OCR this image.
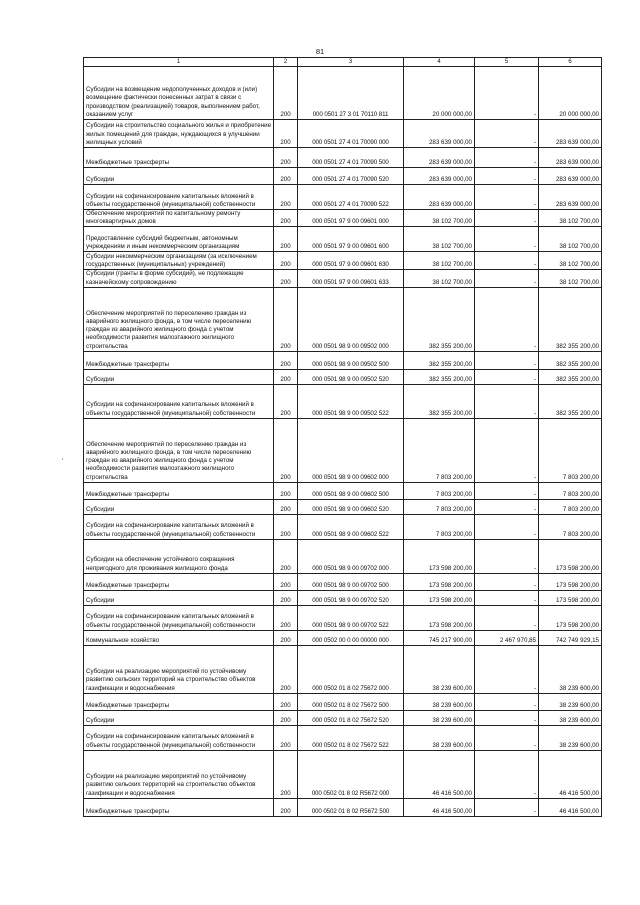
81
'
1	2	3	4	5	6
Субсидии на возмещение недополученных доходов и (или) возмещение фактически понесенных затрат в связи с производством (реализацией) товаров, выполнением работ, оказанием услуг	200	000 0501 27 3 01 70110 811	20 000 000,00	-	20 000 000,00
Субсидии на строительство социального жилья и приобретение жилых помещений для граждан, нуждающихся в улучшении жилищных условий	200	000 0501 27 4 01 70090 000	283 639 000,00	-	283 639 000,00
Межбюджетные трансферты	200	000 0501 27 4 01 70090 500	283 639 000,00	-	283 639 000,00
Субсидии	200	000 0501 27 4 01 70090 520	283 639 000,00	-	283 639 000,00
Субсидии на софинансирование капитальных вложений в объекты государственной (муниципальной) собственности	200	000 0501 27 4 01 70090 522	283 639 000,00	-	283 639 000,00
Обеспечение мероприятий по капитальному ремонту многоквартирных домов	200	000 0501 97 9 00 09601 000	38 102 700,00	-	38 102 700,00
Предоставление субсидий бюджетным, автономным учреждениям и иным некоммерческим организациям	200	000 0501 97 9 00 09601 600	38 102 700,00	-	38 102 700,00
Субсидии некоммерческим организациям (за исключением государственных (муниципальных) учреждений)	200	000 0501 97 9 00 09601 630	38 102 700,00	-	38 102 700,00
Субсидии (гранты в форме субсидий), не подлежащие казначейскому сопровождению	200	000 0501 97 9 00 09601 633	38 102 700,00	-	38 102 700,00
Обеспечение мероприятий по переселению граждан из аварийного жилищного фонда, в том числе переселению граждан из аварийного жилищного фонда с учетом необходимости развития малоэтажного жилищного строительства	200	000 0501 98 9 00 09502 000	382 355 200,00	-	382 355 200,00
Межбюджетные трансферты	200	000 0501 98 9 00 09502 500	382 355 200,00	-	382 355 200,00
Субсидии	200	000 0501 98 9 00 09502 520	382 355 200,00	-	382 355 200,00
Субсидии на софинансирование капитальных вложений в объекты государственной (муниципальной) собственности	200	000 0501 98 9 00 09502 522	382 355 200,00	-	382 355 200,00
Обеспечение мероприятий по переселению граждан из аварийного жилищного фонда, в том числе переселению граждан из аварийного жилищного фонда с учетом необходимости развития малоэтажного жилищного строительства	200	000 0501 98 9 00 09602 000	7 803 200,00	-	7 803 200,00
Межбюджетные трансферты	200	000 0501 98 9 00 09602 500	7 803 200,00	-	7 803 200,00
Субсидии	200	000 0501 98 9 00 09602 520	7 803 200,00	-	7 803 200,00
Субсидии на софинансирование капитальных вложений в объекты государственной (муниципальной) собственности	200	000 0501 98 9 00 09602 522	7 803 200,00	-	7 803 200,00
Субсидии на обеспечение устойчивого сокращения непригодного для проживания жилищного фонда	200	000 0501 98 9 00 09702 000	173 598 200,00	-	173 598 200,00
Межбюджетные трансферты	200	000 0501 98 9 00 09702 500	173 598 200,00	-	173 598 200,00
Субсидии	200	000 0501 98 9 00 09702 520	173 598 200,00	-	173 598 200,00
Субсидии на софинансирование капитальных вложений в объекты государственной (муниципальной) собственности	200	000 0501 98 9 00 09702 522	173 598 200,00	-	173 598 200,00
Коммунальное хозяйство	200	000 0502 00 0 00 00000 000	745 217 900,00	2 467 970,85	742 749 929,15
Субсидии на реализацию мероприятий по устойчивому развитию сельских территорий на строительство объектов газификации и водоснабжения	200	000 0502 01 8 02 75672 000	38 239 600,00	-	38 239 600,00
Межбюджетные трансферты	200	000 0502 01 8 02 75672 500	38 239 600,00	-	38 239 600,00
Субсидии	200	000 0502 01 8 02 75672 520	38 239 600,00	-	38 239 600,00
Субсидии на софинансирование капитальных вложений в объекты государственной (муниципальной) собственности	200	000 0502 01 8 02 75672 522	38 239 600,00	-	38 239 600,00
Субсидии на реализацию мероприятий по устойчивому развитию сельских территорий на строительство объектов газификации и водоснабжения	200	000 0502 01 8 02 R5672 000	46 416 500,00	-	46 416 500,00
Межбюджетные трансферты	200	000 0502 01 8 02 R5672 500	46 416 500,00	-	46 416 500,00
